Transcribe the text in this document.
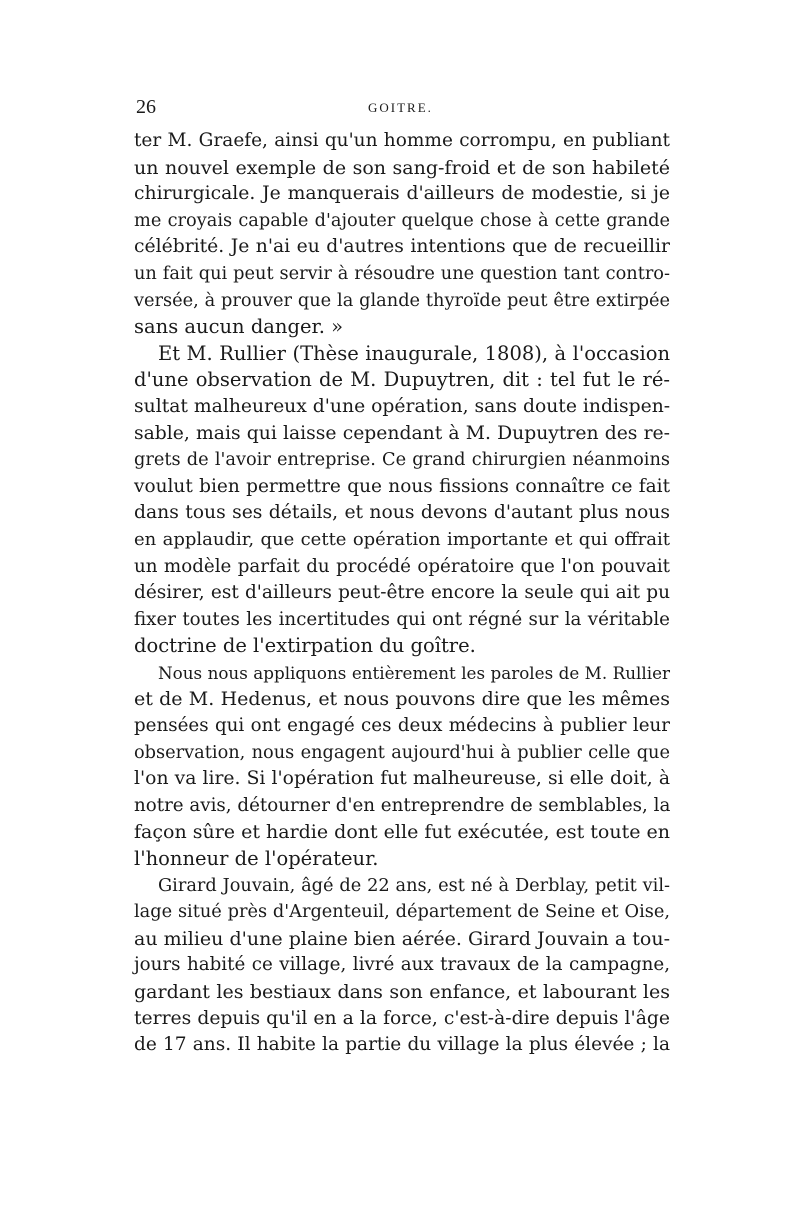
26	GOITRE.
ter M. Graefe, ainsi qu'un homme corrompu, en publiant
un nouvel exemple de son sang-froid et de son habileté
chirurgicale. Je manquerais d'ailleurs de modestie, si je
me croyais capable d'ajouter quelque chose à cette grande
célébrité. Je n'ai eu d'autres intentions que de recueillir
un fait qui peut servir à résoudre une question tant contro-
versée, à prouver que la glande thyroïde peut être extirpée
sans aucun danger. »
Et M. Rullier (Thèse inaugurale, 1808), à l'occasion
d'une observation de M. Dupuytren, dit : tel fut le ré-
sultat malheureux d'une opération, sans doute indispen-
sable, mais qui laisse cependant à M. Dupuytren des re-
grets de l'avoir entreprise. Ce grand chirurgien néanmoins
voulut bien permettre que nous fissions connaître ce fait
dans tous ses détails, et nous devons d'autant plus nous
en applaudir, que cette opération importante et qui offrait
un modèle parfait du procédé opératoire que l'on pouvait
désirer, est d'ailleurs peut-être encore la seule qui ait pu
fixer toutes les incertitudes qui ont régné sur la véritable
doctrine de l'extirpation du goître.
Nous nous appliquons entièrement les paroles de M. Rullier
et de M. Hedenus, et nous pouvons dire que les mêmes
pensées qui ont engagé ces deux médecins à publier leur
observation, nous engagent aujourd'hui à publier celle que
l'on va lire. Si l'opération fut malheureuse, si elle doit, à
notre avis, détourner d'en entreprendre de semblables, la
façon sûre et hardie dont elle fut exécutée, est toute en
l'honneur de l'opérateur.
Girard Jouvain, âgé de 22 ans, est né à Derblay, petit vil-
lage situé près d'Argenteuil, département de Seine et Oise,
au milieu d'une plaine bien aérée. Girard Jouvain a tou-
jours habité ce village, livré aux travaux de la campagne,
gardant les bestiaux dans son enfance, et labourant les
terres depuis qu'il en a la force, c'est-à-dire depuis l'âge
de 17 ans. Il habite la partie du village la plus élevée ; la
